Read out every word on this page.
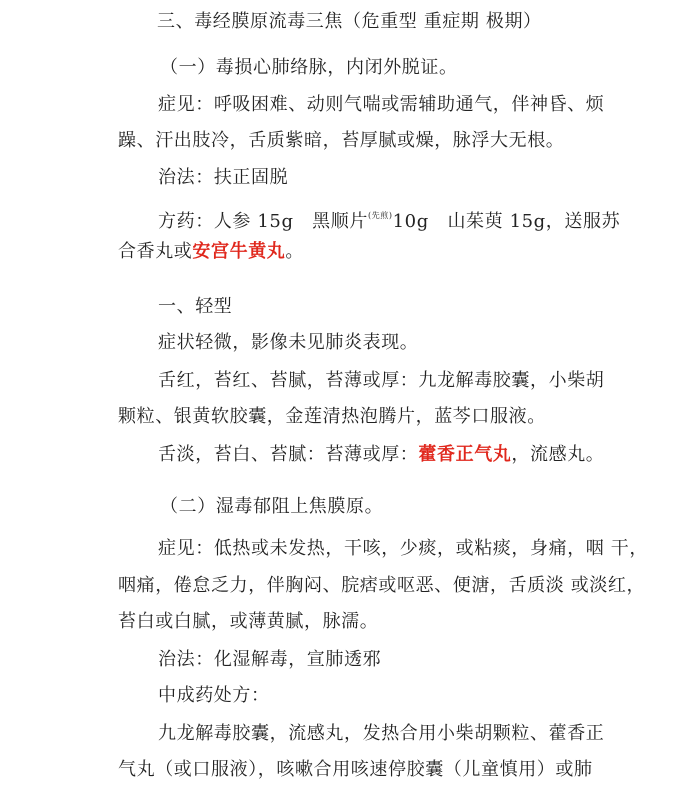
三、毒经膜原流毒三焦（危重型 重症期 极期）
（一）毒损心肺络脉，内闭外脱证。
症见：呼吸困难、动则气喘或需辅助通气，伴神昏、烦
躁、汗出肢冷，舌质紫暗，苔厚腻或燥，脉浮大无根。
治法：扶正固脱
方药：人参 15g　黑顺片$^{(先煎)}$10g　山茱萸 15g，送服苏
合香丸或安宫牛黄丸。
一、轻型
症状轻微，影像未见肺炎表现。
舌红，苔红、苔腻，苔薄或厚：九龙解毒胶囊，小柴胡
颗粒、银黄软胶囊，金莲清热泡腾片，蓝芩口服液。
舌淡，苔白、苔腻：苔薄或厚：藿香正气丸，流感丸。
（二）湿毒郁阻上焦膜原。
症见：低热或未发热，干咳，少痰，或粘痰，身痛，咽 干，
咽痛，倦怠乏力，伴胸闷、脘痞或呕恶、便溏，舌质淡 或淡红，
苔白或白腻，或薄黄腻，脉濡。
治法：化湿解毒，宣肺透邪
中成药处方：
九龙解毒胶囊，流感丸，发热合用小柴胡颗粒、藿香正
气丸（或口服液），咳嗽合用咳速停胶囊（儿童慎用）或肺
